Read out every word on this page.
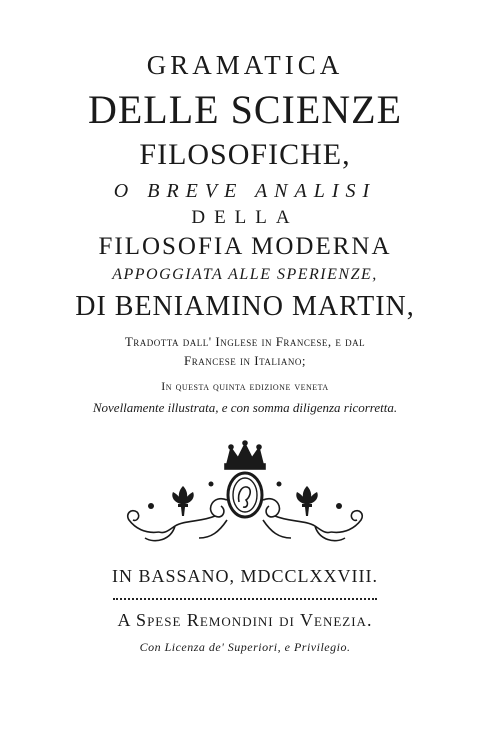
GRAMATICA
DELLE SCIENZE
FILOSOFICHE,
O BREVE ANALISI
DELLA
FILOSOFIA MODERNA
APPOGGIATA ALLE SPERIENZE,
DI BENIAMINO MARTIN,
Tradotta dall' Inglese in Francese, e dal
Francese in Italiano;
In questa quinta edizione veneta
Novellamente illustrata, e con somma diligenza ricorretta.
IN BASSANO, MDCCLXXVIII.
A Spese Remondini di Venezia.
Con Licenza de' Superiori, e Privilegio.
